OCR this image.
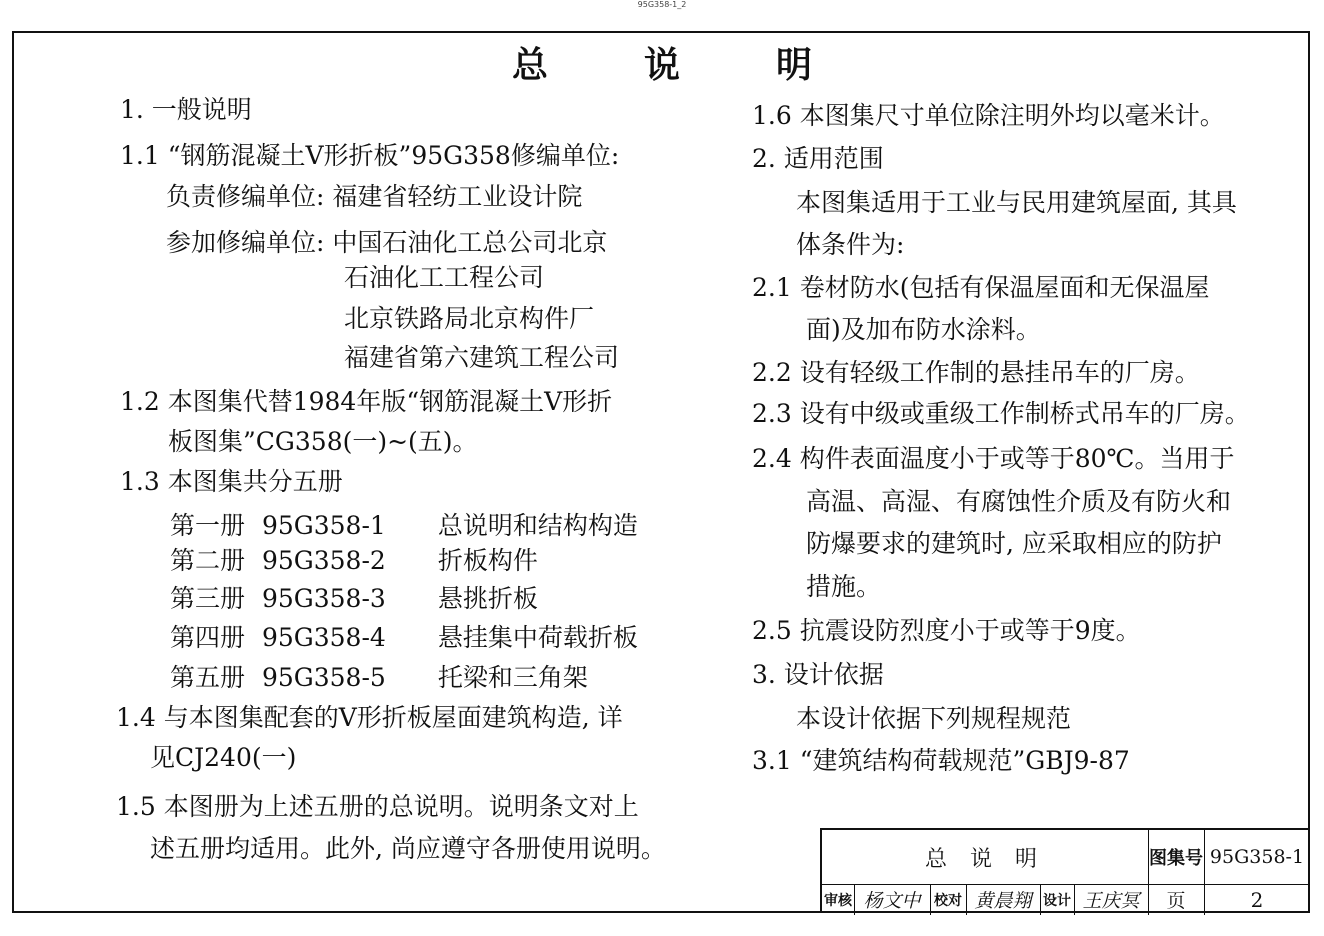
95G358-1_2
总说明
1. 一般说明
1.1 “钢筋混凝土V形折板”95G358修编单位:
负责修编单位: 福建省轻纺工业设计院
参加修编单位: 中国石油化工总公司北京
石油化工工程公司
北京铁路局北京构件厂
福建省第六建筑工程公司
1.2 本图集代替1984年版“钢筋混凝土V形折
板图集”CG358(一)~(五)。
1.3 本图集共分五册
第一册 95G358-1 总说明和结构构造
第二册 95G358-2 折板构件
第三册 95G358-3 悬挑折板
第四册 95G358-4 悬挂集中荷载折板
第五册 95G358-5 托梁和三角架
1.4 与本图集配套的V形折板屋面建筑构造, 详
见CJ240(一)
1.5 本图册为上述五册的总说明。说明条文对上
述五册均适用。此外, 尚应遵守各册使用说明。
1.6 本图集尺寸单位除注明外均以毫米计。
2. 适用范围
本图集适用于工业与民用建筑屋面, 其具
体条件为:
2.1 卷材防水(包括有保温屋面和无保温屋
面)及加布防水涂料。
2.2 设有轻级工作制的悬挂吊车的厂房。
2.3 设有中级或重级工作制桥式吊车的厂房。
2.4 构件表面温度小于或等于80℃。当用于
高温、高湿、有腐蚀性介质及有防火和
防爆要求的建筑时, 应采取相应的防护
措施。
2.5 抗震设防烈度小于或等于9度。
3. 设计依据
本设计依据下列规程规范
3.1 “建筑结构荷载规范”GBJ9-87
总 说 明	图集号 95G358-1
审核 杨文中 校对 黄晨翔 设计 王庆冥	页	2
